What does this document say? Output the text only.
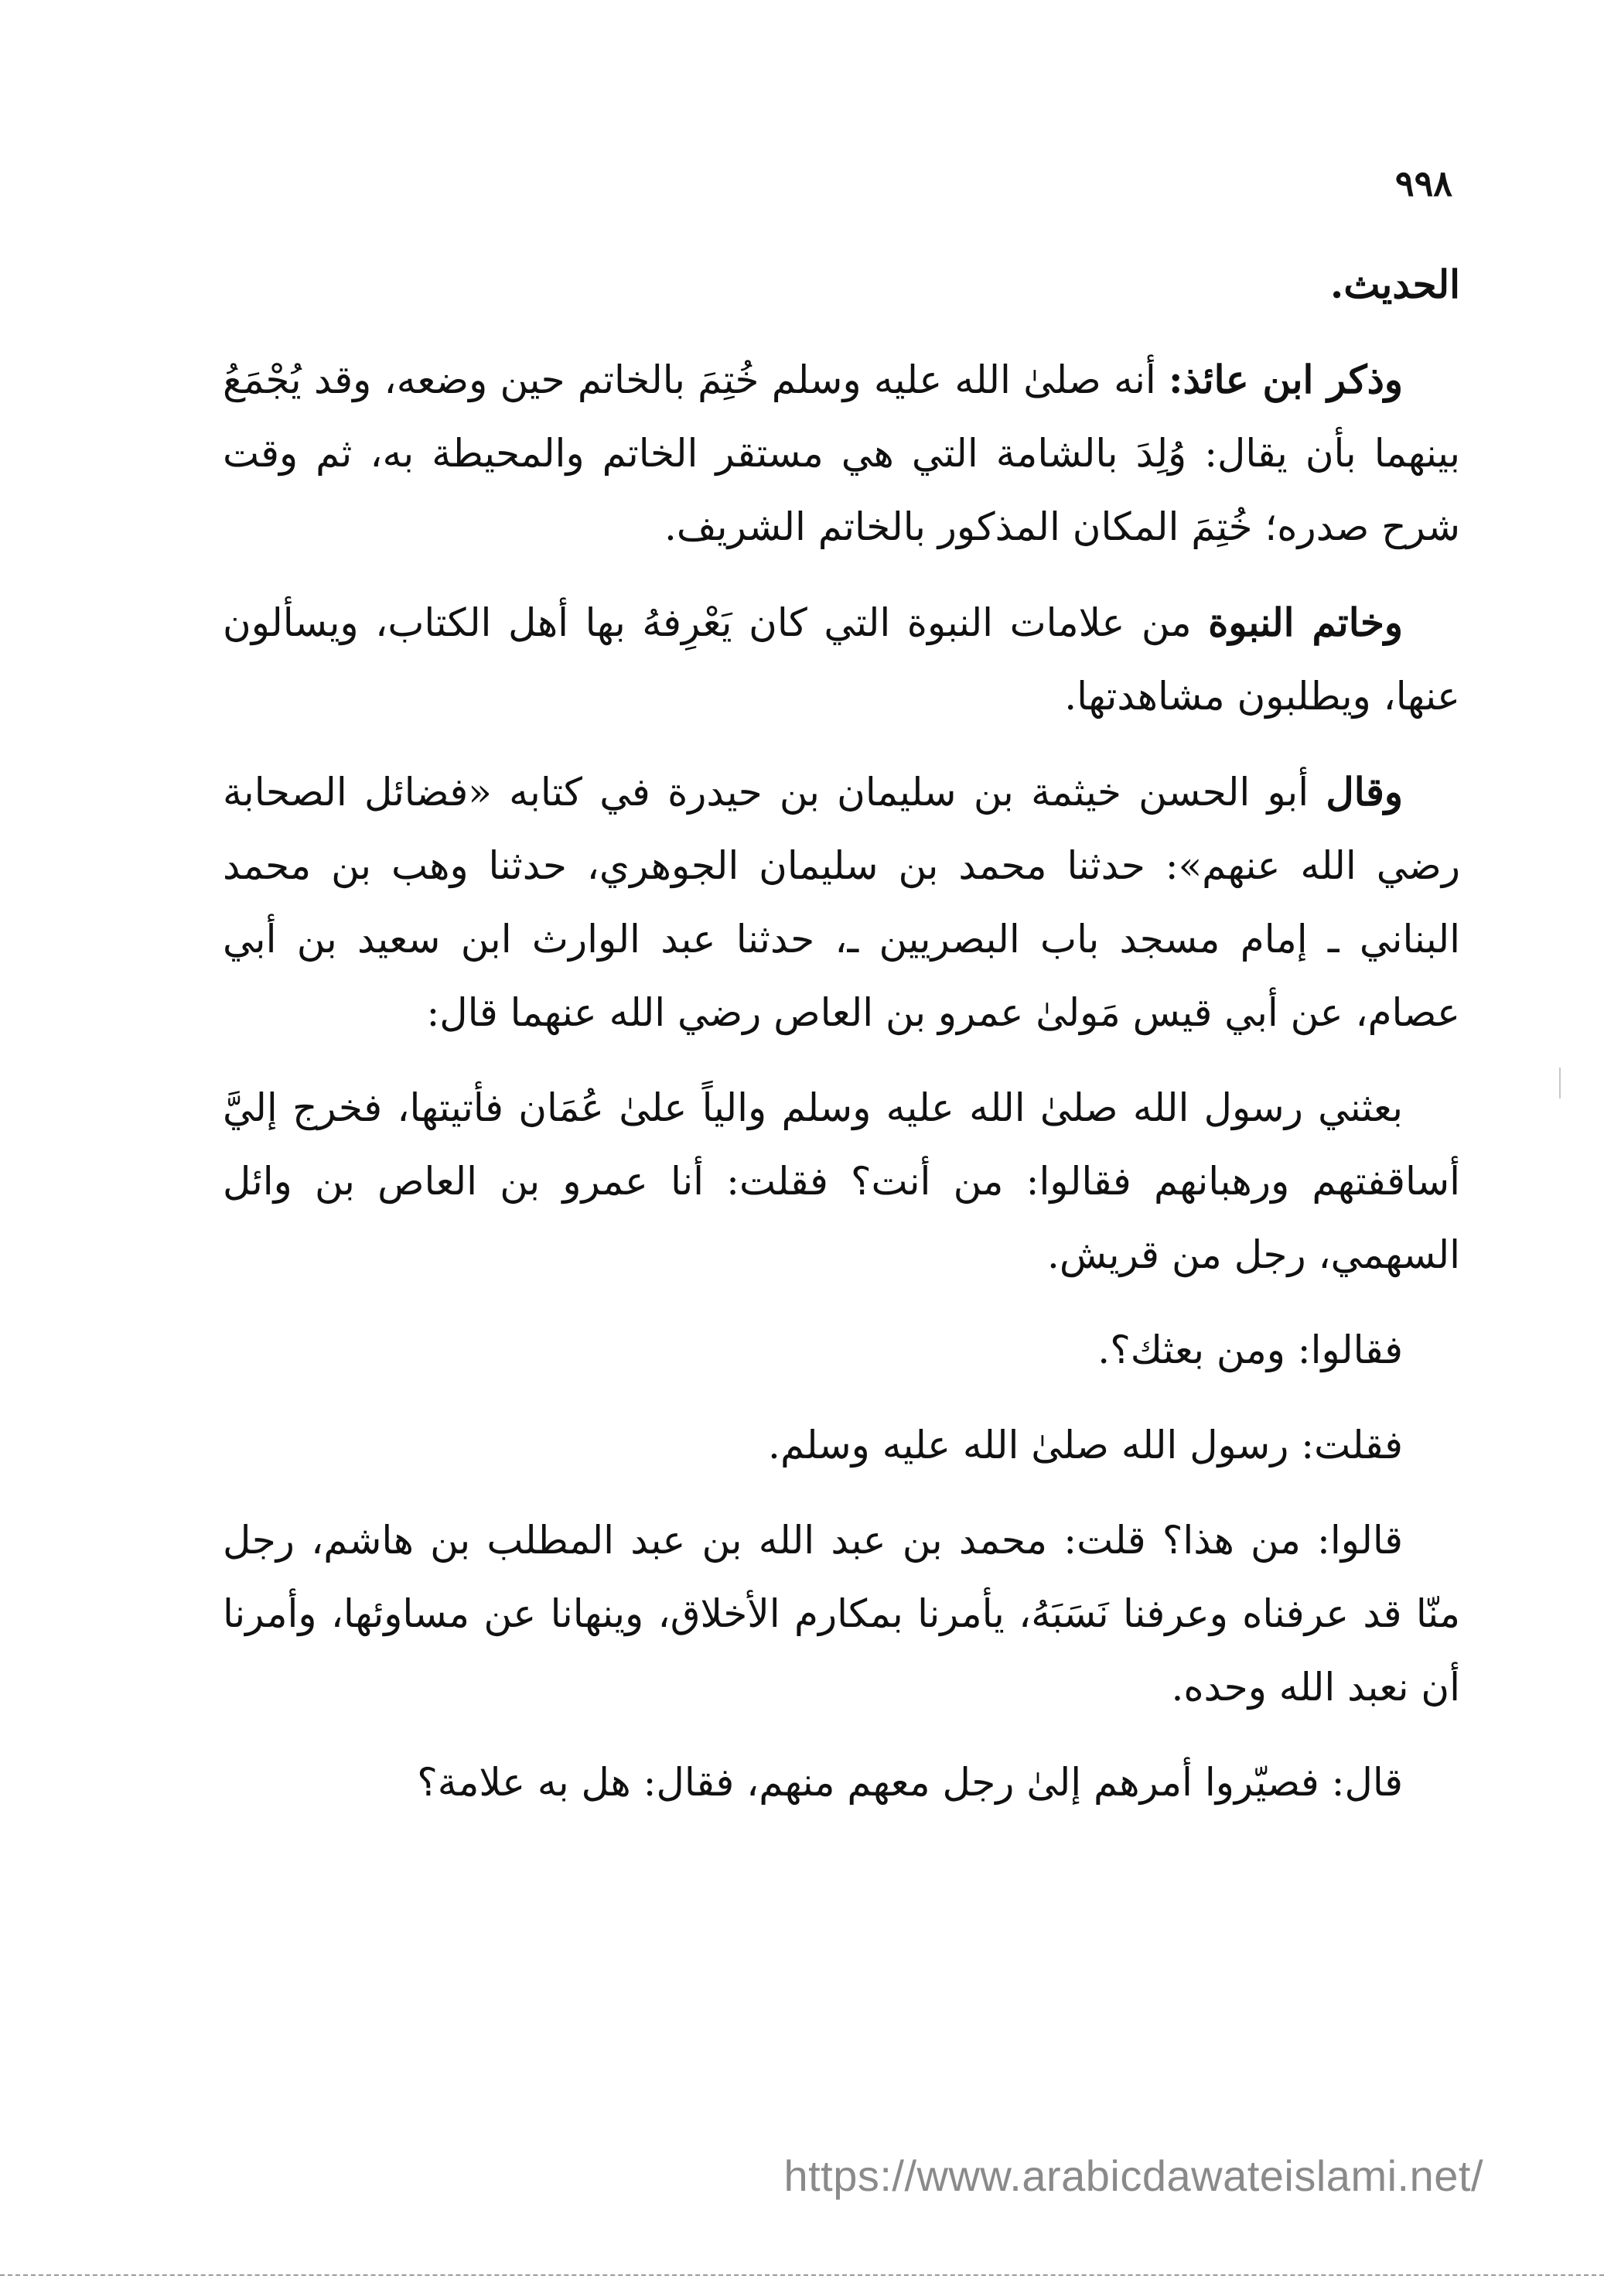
٩٩٨

الحديث.

وذكر ابن عائذ: أنه صلىٰ الله عليه وسلم خُتِمَ بالخاتم حين وضعه، وقد يُجْمَعُ بينهما بأن يقال: وُلِدَ بالشامة التي هي مستقر الخاتم والمحيطة به، ثم وقت شرح صدره؛ خُتِمَ المكان المذكور بالخاتم الشريف.

وخاتم النبوة من علامات النبوة التي كان يَعْرِفهُ بها أهل الكتاب، ويسألون عنها، ويطلبون مشاهدتها.

وقال أبو الحسن خيثمة بن سليمان بن حيدرة في كتابه «فضائل الصحابة رضي الله عنهم»: حدثنا محمد بن سليمان الجوهري، حدثنا وهب بن محمد البناني ـ إمام مسجد باب البصريين ـ، حدثنا عبد الوارث ابن سعيد بن أبي عصام، عن أبي قيس مَولىٰ عمرو بن العاص رضي الله عنهما قال:

بعثني رسول الله صلىٰ الله عليه وسلم والياً علىٰ عُمَان فأتيتها، فخرج إليَّ أساقفتهم ورهبانهم فقالوا: من أنت؟ فقلت: أنا عمرو بن العاص بن وائل السهمي، رجل من قريش.

فقالوا: ومن بعثك؟.

فقلت: رسول الله صلىٰ الله عليه وسلم.

قالوا: من هذا؟ قلت: محمد بن عبد الله بن عبد المطلب بن هاشم، رجل منّا قد عرفناه وعرفنا نَسَبَهُ، يأمرنا بمكارم الأخلاق، وينهانا عن مساوئها، وأمرنا أن نعبد الله وحده.

قال: فصيّروا أمرهم إلىٰ رجل معهم منهم، فقال: هل به علامة؟

https://www.arabicdawateislami.net/
